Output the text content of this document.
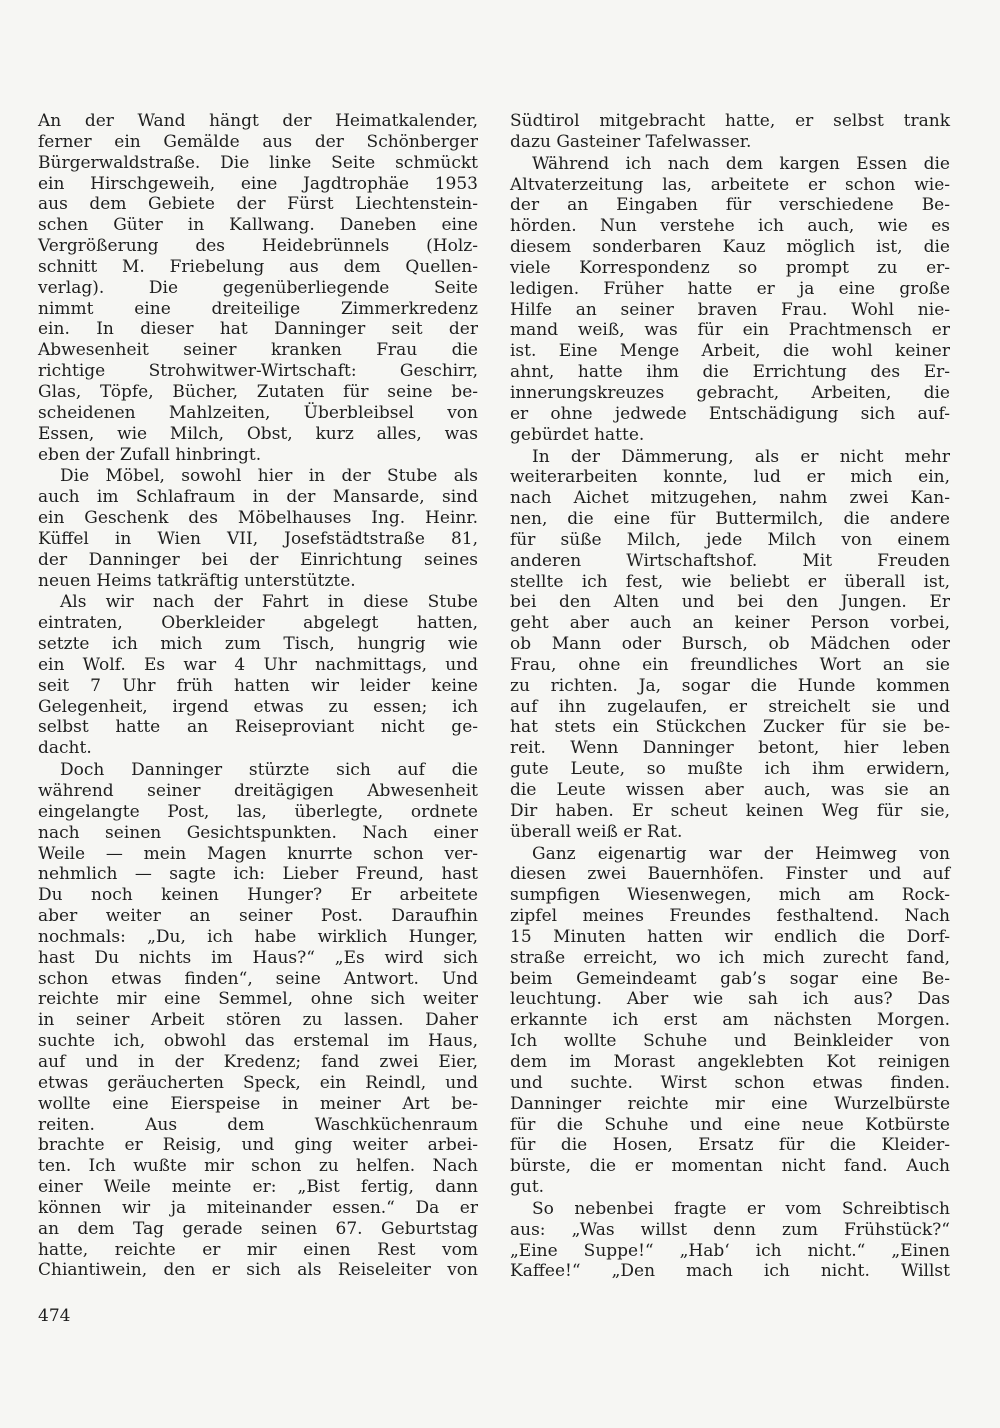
An der Wand hängt der Heimatkalender,
ferner ein Gemälde aus der Schönberger
Bürgerwaldstraße. Die linke Seite schmückt
ein Hirschgeweih, eine Jagdtrophäe 1953
aus dem Gebiete der Fürst Liechtenstein-
schen Güter in Kallwang. Daneben eine
Vergrößerung des Heidebrünnels (Holz-
schnitt M. Friebelung aus dem Quellen-
verlag). Die gegenüberliegende Seite
nimmt eine dreiteilige Zimmerkredenz
ein. In dieser hat Danninger seit der
Abwesenheit seiner kranken Frau die
richtige Strohwitwer-Wirtschaft: Geschirr,
Glas, Töpfe, Bücher, Zutaten für seine be-
scheidenen Mahlzeiten, Überbleibsel von
Essen, wie Milch, Obst, kurz alles, was
eben der Zufall hinbringt.
Die Möbel, sowohl hier in der Stube als
auch im Schlafraum in der Mansarde, sind
ein Geschenk des Möbelhauses Ing. Heinr.
Küffel in Wien VII, Josefstädtstraße 81,
der Danninger bei der Einrichtung seines
neuen Heims tatkräftig unterstützte.
Als wir nach der Fahrt in diese Stube
eintraten, Oberkleider abgelegt hatten,
setzte ich mich zum Tisch, hungrig wie
ein Wolf. Es war 4 Uhr nachmittags, und
seit 7 Uhr früh hatten wir leider keine
Gelegenheit, irgend etwas zu essen; ich
selbst hatte an Reiseproviant nicht ge-
dacht.
Doch Danninger stürzte sich auf die
während seiner dreitägigen Abwesenheit
eingelangte Post, las, überlegte, ordnete
nach seinen Gesichtspunkten. Nach einer
Weile — mein Magen knurrte schon ver-
nehmlich — sagte ich: Lieber Freund, hast
Du noch keinen Hunger? Er arbeitete
aber weiter an seiner Post. Daraufhin
nochmals: „Du, ich habe wirklich Hunger,
hast Du nichts im Haus?“ „Es wird sich
schon etwas finden“, seine Antwort. Und
reichte mir eine Semmel, ohne sich weiter
in seiner Arbeit stören zu lassen. Daher
suchte ich, obwohl das erstemal im Haus,
auf und in der Kredenz; fand zwei Eier,
etwas geräucherten Speck, ein Reindl, und
wollte eine Eierspeise in meiner Art be-
reiten. Aus dem Waschküchenraum
brachte er Reisig, und ging weiter arbei-
ten. Ich wußte mir schon zu helfen. Nach
einer Weile meinte er: „Bist fertig, dann
können wir ja miteinander essen.“ Da er
an dem Tag gerade seinen 67. Geburtstag
hatte, reichte er mir einen Rest vom
Chiantiwein, den er sich als Reiseleiter von
Südtirol mitgebracht hatte, er selbst trank
dazu Gasteiner Tafelwasser.
Während ich nach dem kargen Essen die
Altvaterzeitung las, arbeitete er schon wie-
der an Eingaben für verschiedene Be-
hörden. Nun verstehe ich auch, wie es
diesem sonderbaren Kauz möglich ist, die
viele Korrespondenz so prompt zu er-
ledigen. Früher hatte er ja eine große
Hilfe an seiner braven Frau. Wohl nie-
mand weiß, was für ein Prachtmensch er
ist. Eine Menge Arbeit, die wohl keiner
ahnt, hatte ihm die Errichtung des Er-
innerungskreuzes gebracht, Arbeiten, die
er ohne jedwede Entschädigung sich auf-
gebürdet hatte.
In der Dämmerung, als er nicht mehr
weiterarbeiten konnte, lud er mich ein,
nach Aichet mitzugehen, nahm zwei Kan-
nen, die eine für Buttermilch, die andere
für süße Milch, jede Milch von einem
anderen Wirtschaftshof. Mit Freuden
stellte ich fest, wie beliebt er überall ist,
bei den Alten und bei den Jungen. Er
geht aber auch an keiner Person vorbei,
ob Mann oder Bursch, ob Mädchen oder
Frau, ohne ein freundliches Wort an sie
zu richten. Ja, sogar die Hunde kommen
auf ihn zugelaufen, er streichelt sie und
hat stets ein Stückchen Zucker für sie be-
reit. Wenn Danninger betont, hier leben
gute Leute, so mußte ich ihm erwidern,
die Leute wissen aber auch, was sie an
Dir haben. Er scheut keinen Weg für sie,
überall weiß er Rat.
Ganz eigenartig war der Heimweg von
diesen zwei Bauernhöfen. Finster und auf
sumpfigen Wiesenwegen, mich am Rock-
zipfel meines Freundes festhaltend. Nach
15 Minuten hatten wir endlich die Dorf-
straße erreicht, wo ich mich zurecht fand,
beim Gemeindeamt gab’s sogar eine Be-
leuchtung. Aber wie sah ich aus? Das
erkannte ich erst am nächsten Morgen.
Ich wollte Schuhe und Beinkleider von
dem im Morast angeklebten Kot reinigen
und suchte. Wirst schon etwas finden.
Danninger reichte mir eine Wurzelbürste
für die Schuhe und eine neue Kotbürste
für die Hosen, Ersatz für die Kleider-
bürste, die er momentan nicht fand. Auch
gut.
So nebenbei fragte er vom Schreibtisch
aus: „Was willst denn zum Frühstück?“
„Eine Suppe!“ „Hab‘ ich nicht.“ „Einen
Kaffee!“ „Den mach ich nicht. Willst
474
